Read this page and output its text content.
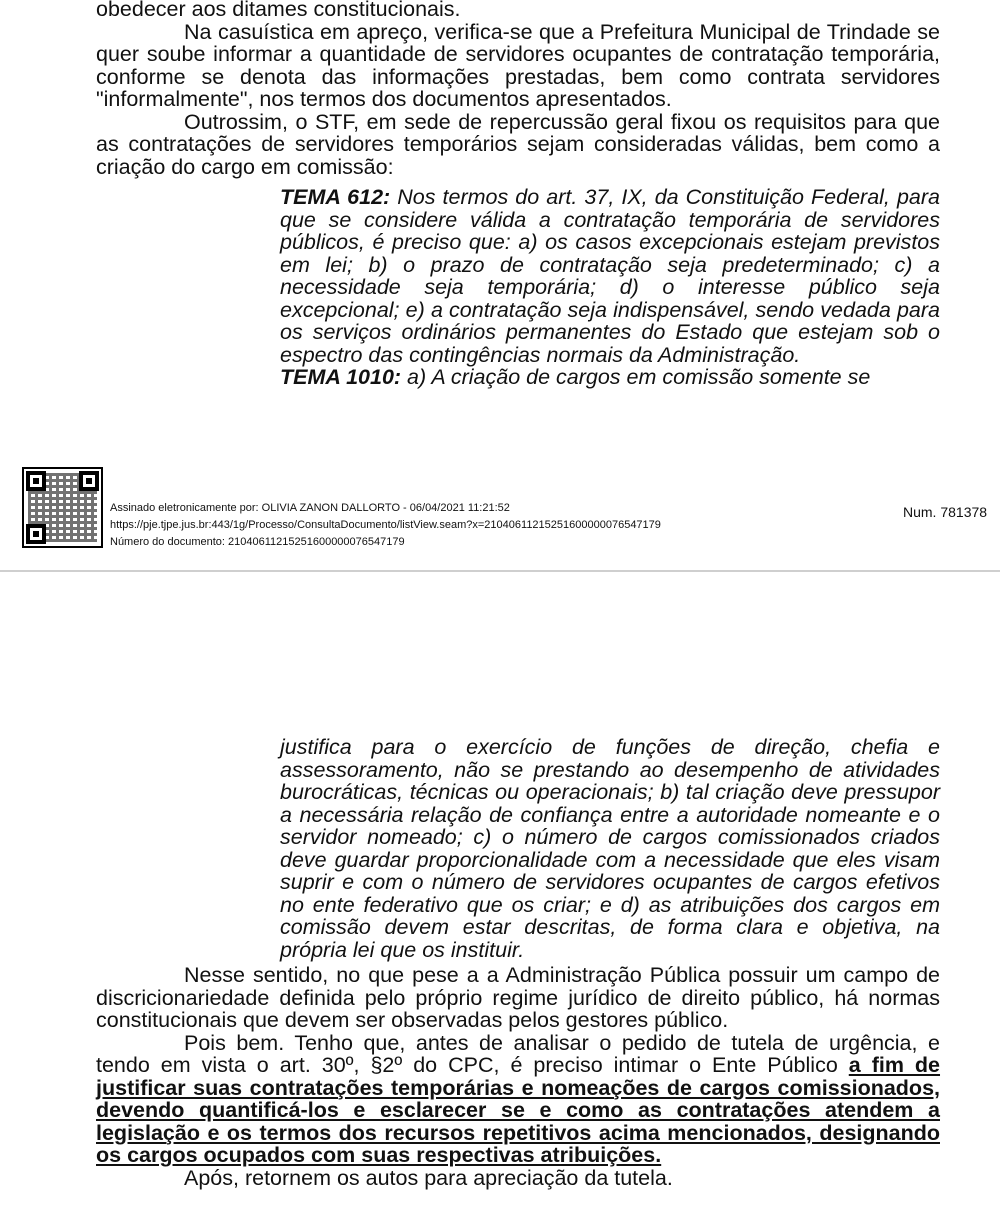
obedecer aos ditames constitucionais.

Na casuística em apreço, verifica-se que a Prefeitura Municipal de Trindade se quer soube informar a quantidade de servidores ocupantes de contratação temporária, conforme se denota das informações prestadas, bem como contrata servidores "informalmente", nos termos dos documentos apresentados.

Outrossim, o STF, em sede de repercussão geral fixou os requisitos para que as contratações de servidores temporários sejam consideradas válidas, bem como a criação do cargo em comissão:

TEMA 612: Nos termos do art. 37, IX, da Constituição Federal, para que se considere válida a contratação temporária de servidores públicos, é preciso que: a) os casos excepcionais estejam previstos em lei; b) o prazo de contratação seja predeterminado; c) a necessidade seja temporária; d) o interesse público seja excepcional; e) a contratação seja indispensável, sendo vedada para os serviços ordinários permanentes do Estado que estejam sob o espectro das contingências normais da Administração.

TEMA 1010: a) A criação de cargos em comissão somente se

Assinado eletronicamente por: OLIVIA ZANON DALLORTO - 06/04/2021 11:21:52
https://pje.tjpe.jus.br:443/1g/Processo/ConsultaDocumento/listView.seam?x=21040611215251600000076547179
Número do documento: 21040611215251600000076547179
Num. 781378

justifica para o exercício de funções de direção, chefia e assessoramento, não se prestando ao desempenho de atividades burocráticas, técnicas ou operacionais; b) tal criação deve pressupor a necessária relação de confiança entre a autoridade nomeante e o servidor nomeado; c) o número de cargos comissionados criados deve guardar proporcionalidade com a necessidade que eles visam suprir e com o número de servidores ocupantes de cargos efetivos no ente federativo que os criar; e d) as atribuições dos cargos em comissão devem estar descritas, de forma clara e objetiva, na própria lei que os instituir.

Nesse sentido, no que pese a a Administração Pública possuir um campo de discricionariedade definida pelo próprio regime jurídico de direito público, há normas constitucionais que devem ser observadas pelos gestores público.

Pois bem. Tenho que, antes de analisar o pedido de tutela de urgência, e tendo em vista o art. 30º, §2º do CPC, é preciso intimar o Ente Público a fim de justificar suas contratações temporárias e nomeações de cargos comissionados, devendo quantificá-los e esclarecer se e como as contratações atendem a legislação e os termos dos recursos repetitivos acima mencionados, designando os cargos ocupados com suas respectivas atribuições.

Após, retornem os autos para apreciação da tutela.
